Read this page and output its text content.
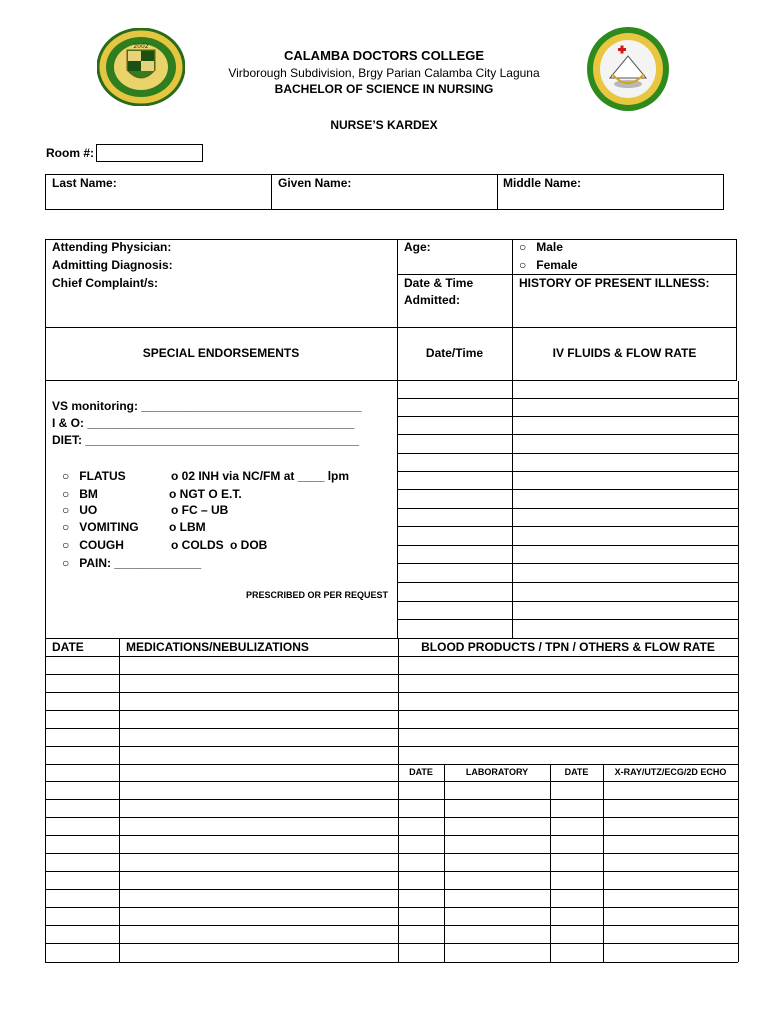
2002
CALAMBA DOCTORS COLLEGE
Virborough Subdivision, Brgy Parian Calamba City Laguna
BACHELOR OF SCIENCE IN NURSING
NURSE’S KARDEX
Room #:
Last Name:	Given Name:	Middle Name:
Attending Physician:
Admitting Diagnosis:
Chief Complaint/s:
Age:	○   Male
○   Female
Date & Time
Admitted:
HISTORY OF PRESENT ILLNESS:
SPECIAL ENDORSEMENTS	Date/Time	IV FLUIDS & FLOW RATE
VS monitoring: _________________________________
I & O: ________________________________________
DIET: _________________________________________
○   FLATUS	o 02 INH via NC/FM at ____ lpm
○   BM	o NGT O E.T.
○   UO	o FC – UB
○   VOMITING	o LBM
○   COUGH	o COLDS o DOB
○   PAIN: _____________
PRESCRIBED OR PER REQUEST
DATE	MEDICATIONS/NEBULIZATIONS	BLOOD PRODUCTS / TPN / OTHERS & FLOW RATE
DATE	LABORATORY	DATE	X-RAY/UTZ/ECG/2D ECHO
